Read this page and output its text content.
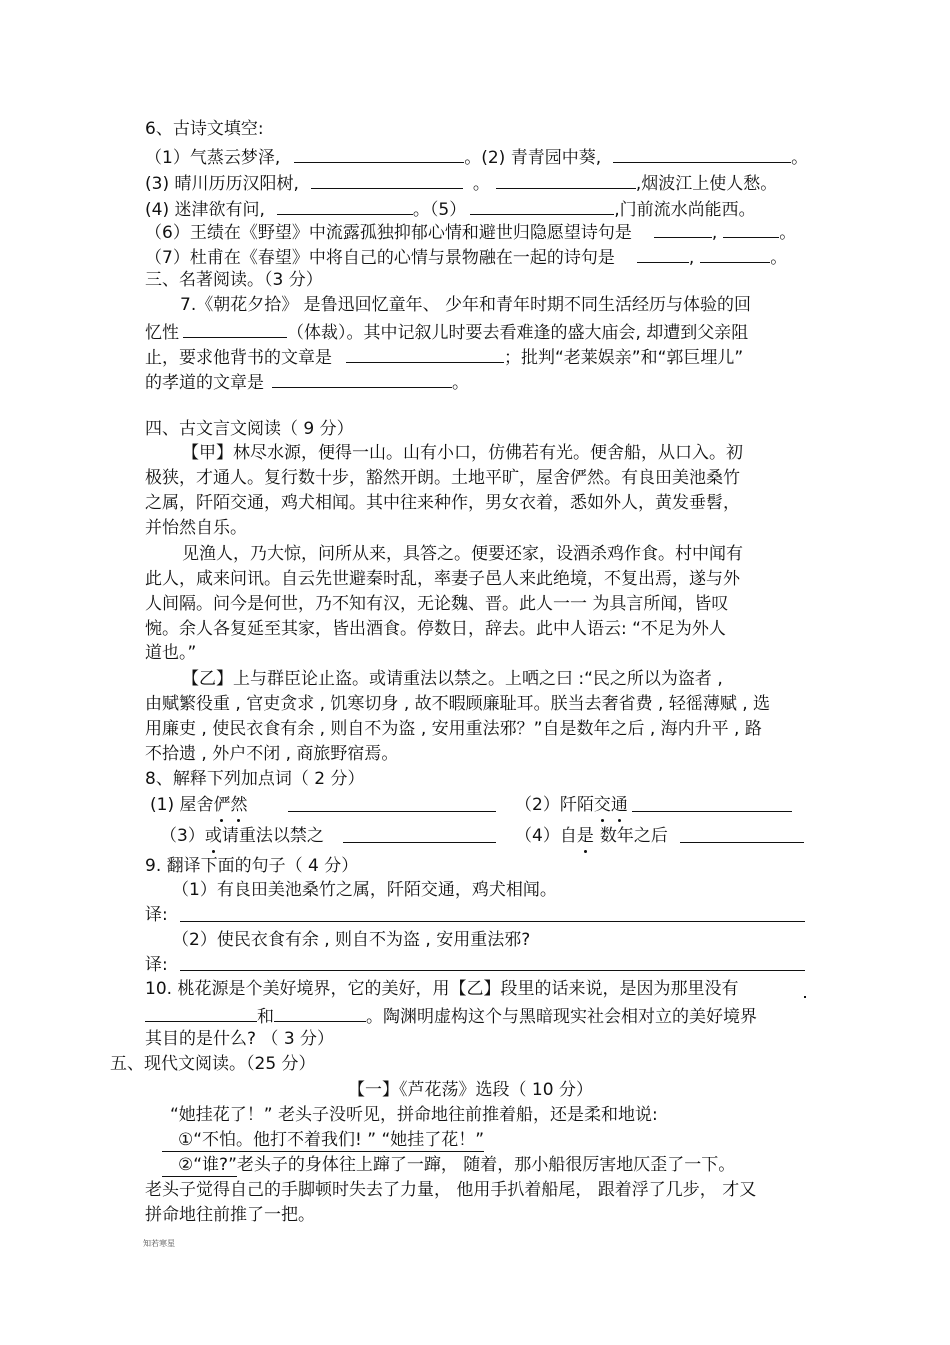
6、古诗文填空:
（1）气蒸云梦泽,	。(2) 青青园中葵,	。
(3) 晴川历历汉阳树,	。	,烟波江上使人愁。
(4) 迷津欲有问,	。（5）	,门前流水尚能西。
（6）王绩在《野望》中流露孤独抑郁心情和避世归隐愿望诗句是	,	。
（7）杜甫在《春望》中将自己的心情与景物融在一起的诗句是	,	。
三、名著阅读。（3 分）
7.《朝花夕拾》 是鲁迅回忆童年、 少年和青年时期不同生活经历与体验的回
忆性	（体裁）。其中记叙儿时要去看难逢的盛大庙会, 却遭到父亲阻
止，要求他背书的文章是	；批判“老莱娱亲”和“郭巨埋儿”
的孝道的文章是	。
四、古文言文阅读（ 9 分）
【甲】林尽水源，便得一山。山有小口，仿佛若有光。便舍船，从口入。初
极狭，才通人。复行数十步，豁然开朗。土地平旷，屋舍俨然。有良田美池桑竹
之属，阡陌交通，鸡犬相闻。其中往来种作，男女衣着，悉如外人，黄发垂髫，
并怡然自乐。
见渔人，乃大惊，问所从来，具答之。便要还家，设酒杀鸡作食。村中闻有
此人，咸来问讯。自云先世避秦时乱，率妻子邑人来此绝境，不复出焉，遂与外
人间隔。问今是何世，乃不知有汉，无论魏、晋。此人一一 为具言所闻，皆叹
惋。余人各复延至其家，皆出酒食。停数日，辞去。此中人语云: “不足为外人
道也。”
【乙】上与群臣论止盗。或请重法以禁之。上哂之曰 :“民之所以为盗者 ,
由赋繁役重 , 官吏贪求 , 饥寒切身 , 故不暇顾廉耻耳。朕当去奢省费 , 轻徭薄赋 , 选
用廉吏 , 使民衣食有余 , 则自不为盗 , 安用重法邪？”自是数年之后 , 海内升平 , 路
不拾遗 , 外户不闭 , 商旅野宿焉。
8、解释下列加点词（ 2 分）
(1) 屋舍俨然	（2）阡陌交通
（3）或请重法以禁之	（4）自是 数年之后
9. 翻译下面的句子（ 4 分）
（1）有良田美池桑竹之属，阡陌交通，鸡犬相闻。
译:
（2）使民衣食有余 , 则自不为盗 , 安用重法邪?
译:
10. 桃花源是个美好境界，它的美好，用【乙】段里的话来说，是因为那里没有
和	。陶渊明虚构这个与黑暗现实社会相对立的美好境界
其目的是什么? （ 3 分）
五、现代文阅读。（25 分）
【一】《芦花荡》选段（ 10 分）
“她挂花了！” 老头子没听见，拼命地往前推着船，还是柔和地说:
①“不怕。他打不着我们! ” “她挂了花！”
②“谁?”老头子的身体往上蹿了一蹿， 随着，那小船很厉害地仄歪了一下。
老头子觉得自己的手脚顿时失去了力量， 他用手扒着船尾， 跟着浮了几步， 才又
拼命地往前推了一把。
知若寒星
